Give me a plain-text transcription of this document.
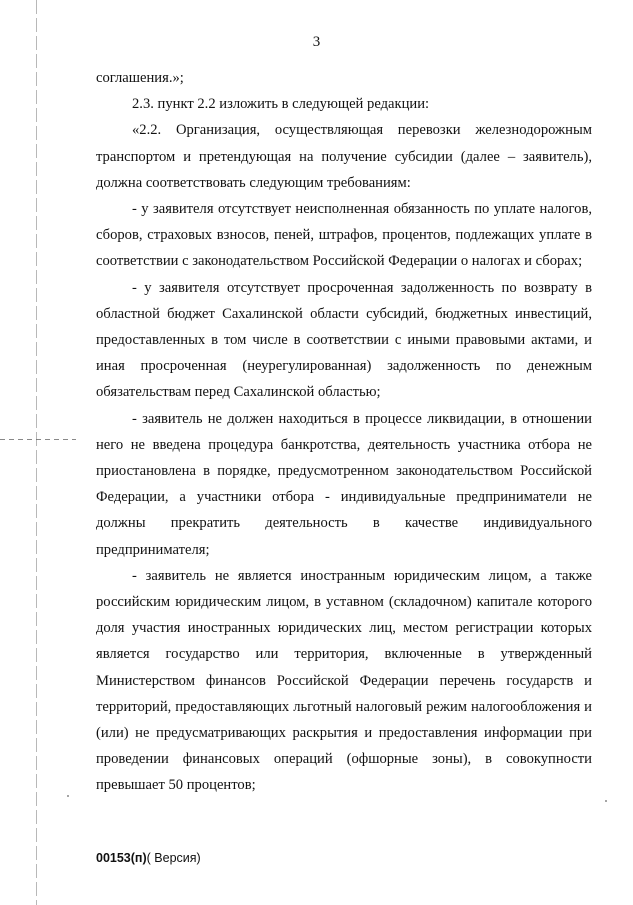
3

соглашения.»;

2.3. пункт 2.2 изложить в следующей редакции:

«2.2. Организация, осуществляющая перевозки железнодорожным транспортом и претендующая на получение субсидии (далее – заявитель), должна соответствовать следующим требованиям:

- у заявителя отсутствует неисполненная обязанность по уплате налогов, сборов, страховых взносов, пеней, штрафов, процентов, подлежащих уплате в соответствии с законодательством Российской Федерации о налогах и сборах;

- у заявителя отсутствует просроченная задолженность по возврату в областной бюджет Сахалинской области субсидий, бюджетных инвестиций, предоставленных в том числе в соответствии с иными правовыми актами, и иная просроченная (неурегулированная) задолженность по денежным обязательствам перед Сахалинской областью;

- заявитель не должен находиться в процессе ликвидации, в отношении него не введена процедура банкротства, деятельность участника отбора не приостановлена в порядке, предусмотренном законодательством Российской Федерации, а участники отбора - индивидуальные предприниматели не должны прекратить деятельность в качестве индивидуального предпринимателя;

- заявитель не является иностранным юридическим лицом, а также российским юридическим лицом, в уставном (складочном) капитале которого доля участия иностранных юридических лиц, местом регистрации которых является государство или территория, включенные в утвержденный Министерством финансов Российской Федерации перечень государств и территорий, предоставляющих льготный налоговый режим налогообложения и (или) не предусматривающих раскрытия и предоставления информации при проведении финансовых операций (офшорные зоны), в совокупности превышает 50 процентов;

00153(п)( Версия)
